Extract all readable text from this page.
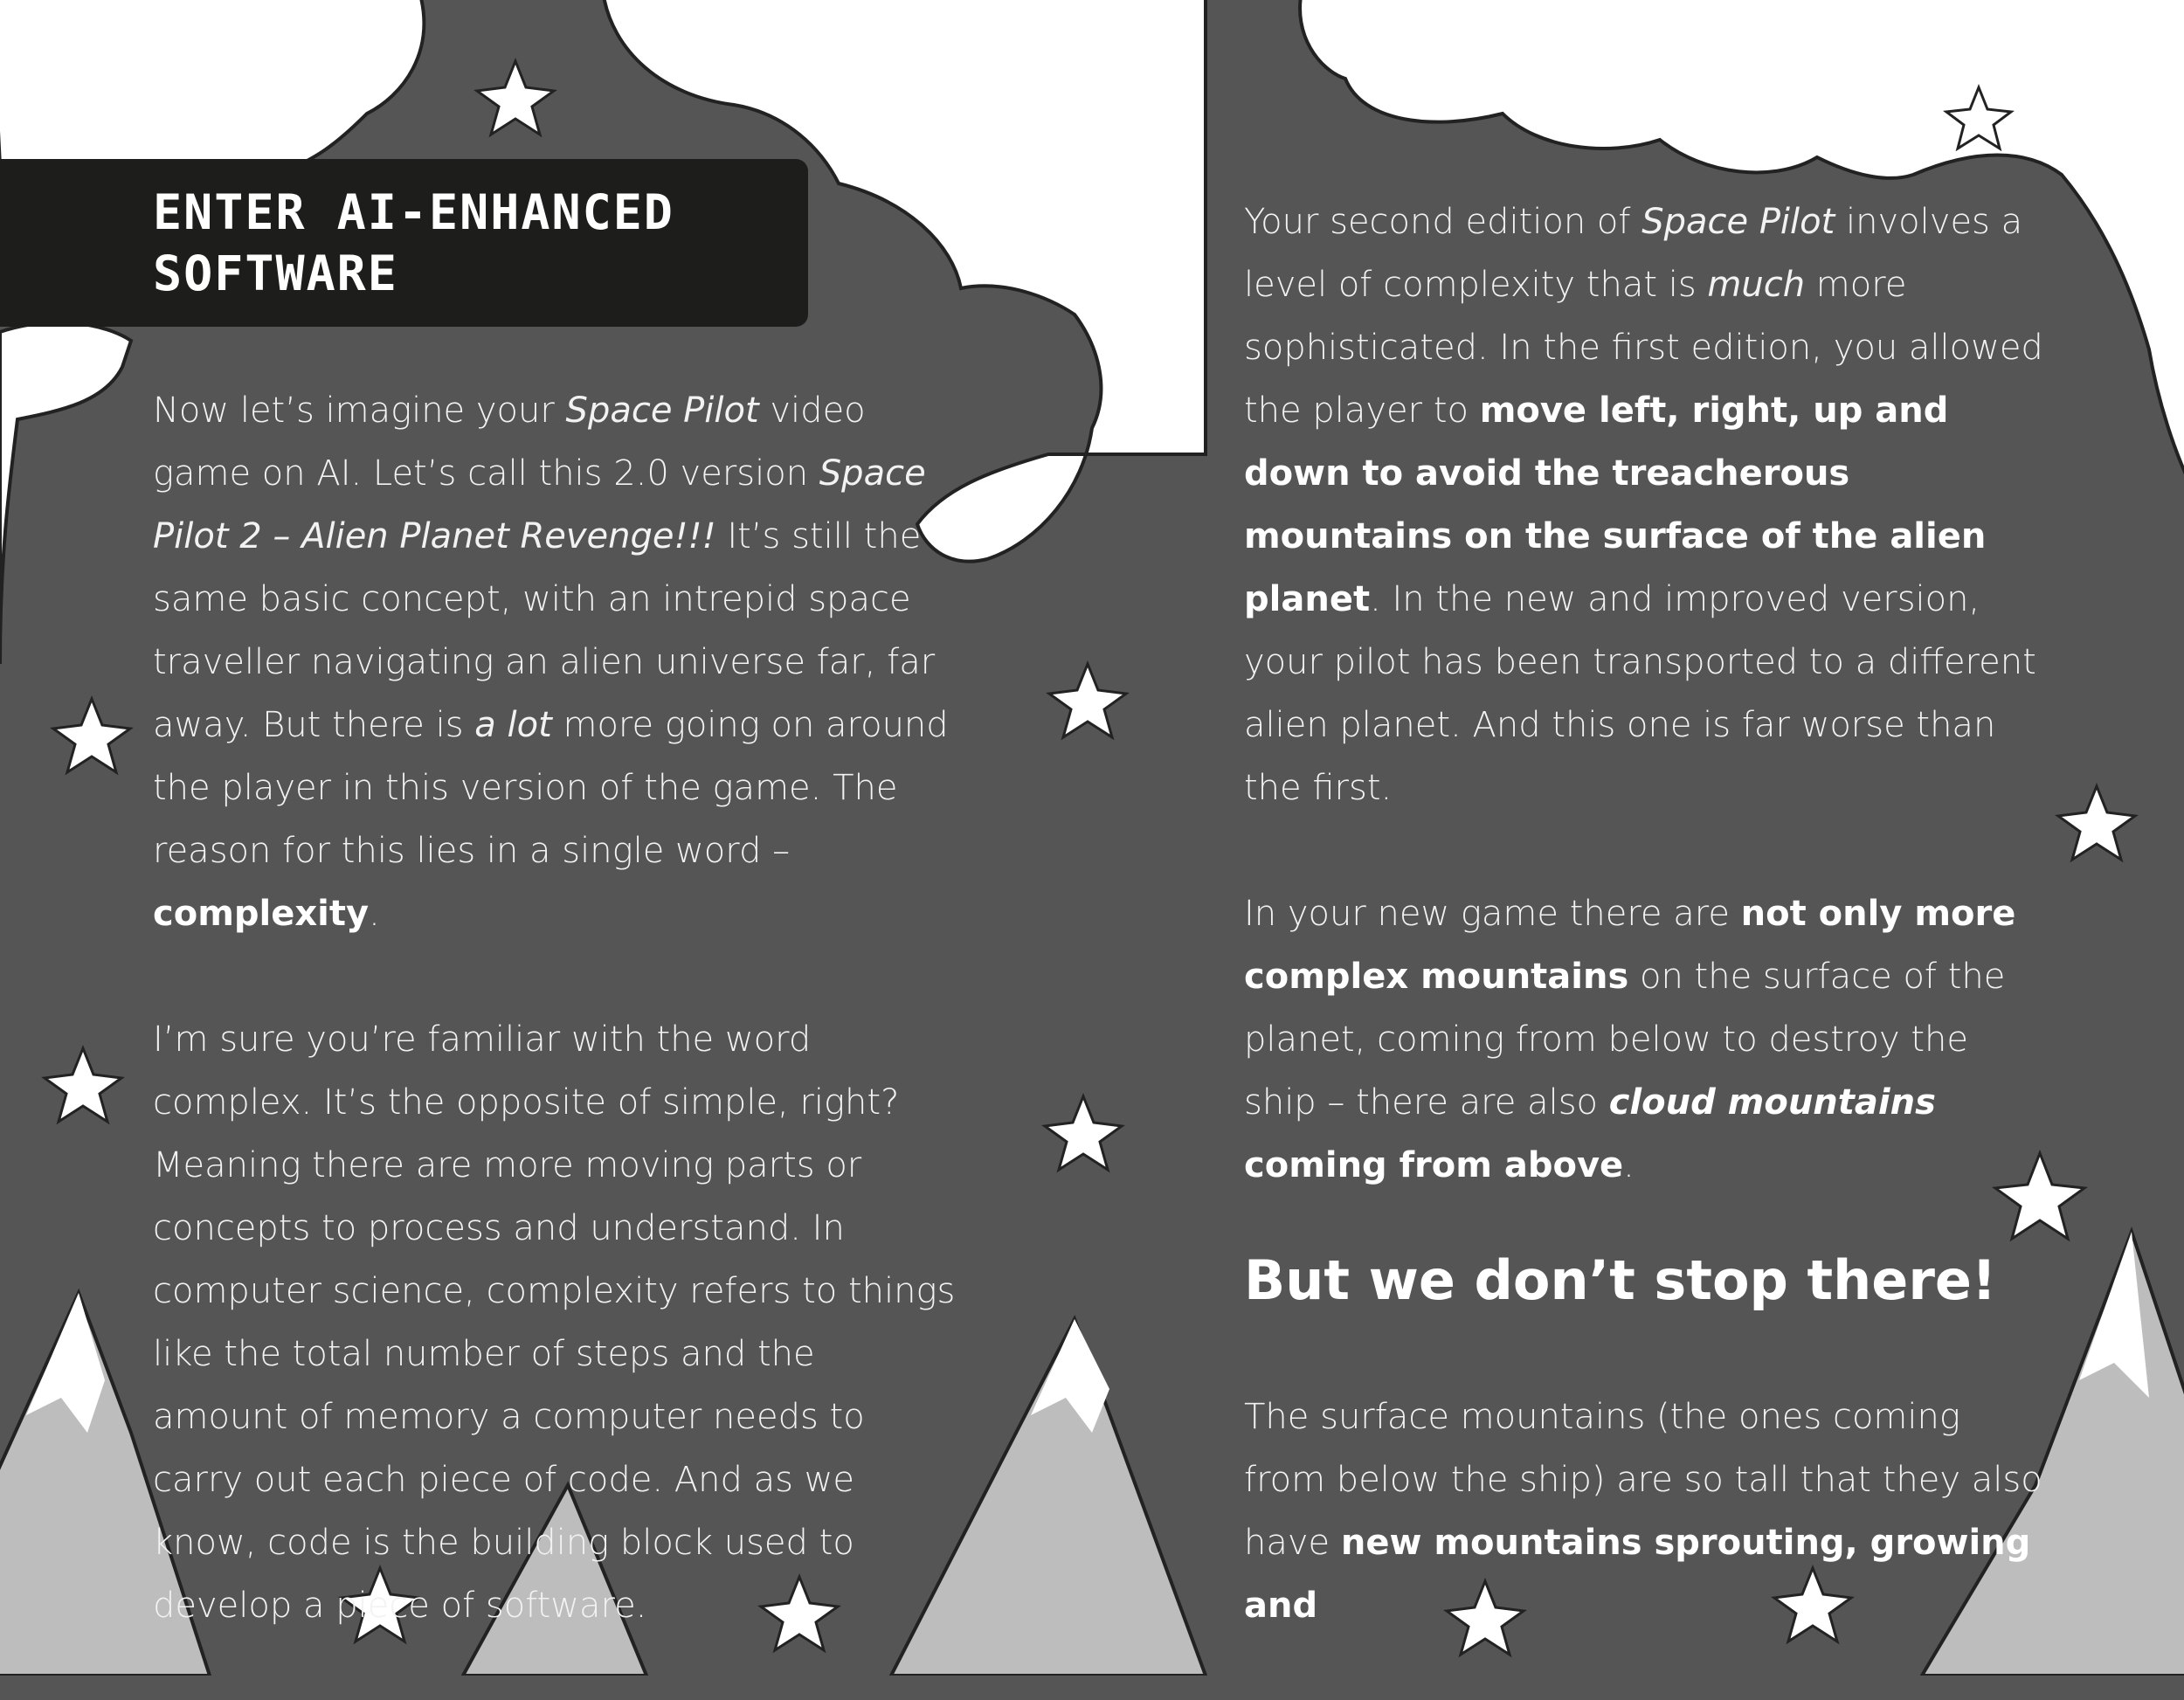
ENTER AI-ENHANCED SOFTWARE

Now let’s imagine your Space Pilot video game on AI. Let’s call this 2.0 version Space Pilot 2 – Alien Planet Revenge!!! It’s still the same basic concept, with an intrepid space traveller navigating an alien universe far, far away. But there is a lot more going on around the player in this version of the game. The reason for this lies in a single word – complexity.

I’m sure you’re familiar with the word complex. It’s the opposite of simple, right? Meaning there are more moving parts or concepts to process and understand. In computer science, complexity refers to things like the total number of steps and the amount of memory a computer needs to carry out each piece of code. And as we know, code is the building block used to develop a piece of software.

Your second edition of Space Pilot involves a level of complexity that is much more sophisticated. In the first edition, you allowed the player to move left, right, up and down to avoid the treacherous mountains on the surface of the alien planet. In the new and improved version, your pilot has been transported to a different alien planet. And this one is far worse than the first.

In your new game there are not only more complex mountains on the surface of the planet, coming from below to destroy the ship – there are also cloud mountains coming from above.

But we don’t stop there!

The surface mountains (the ones coming from below the ship) are so tall that they also have new mountains sprouting, growing and
